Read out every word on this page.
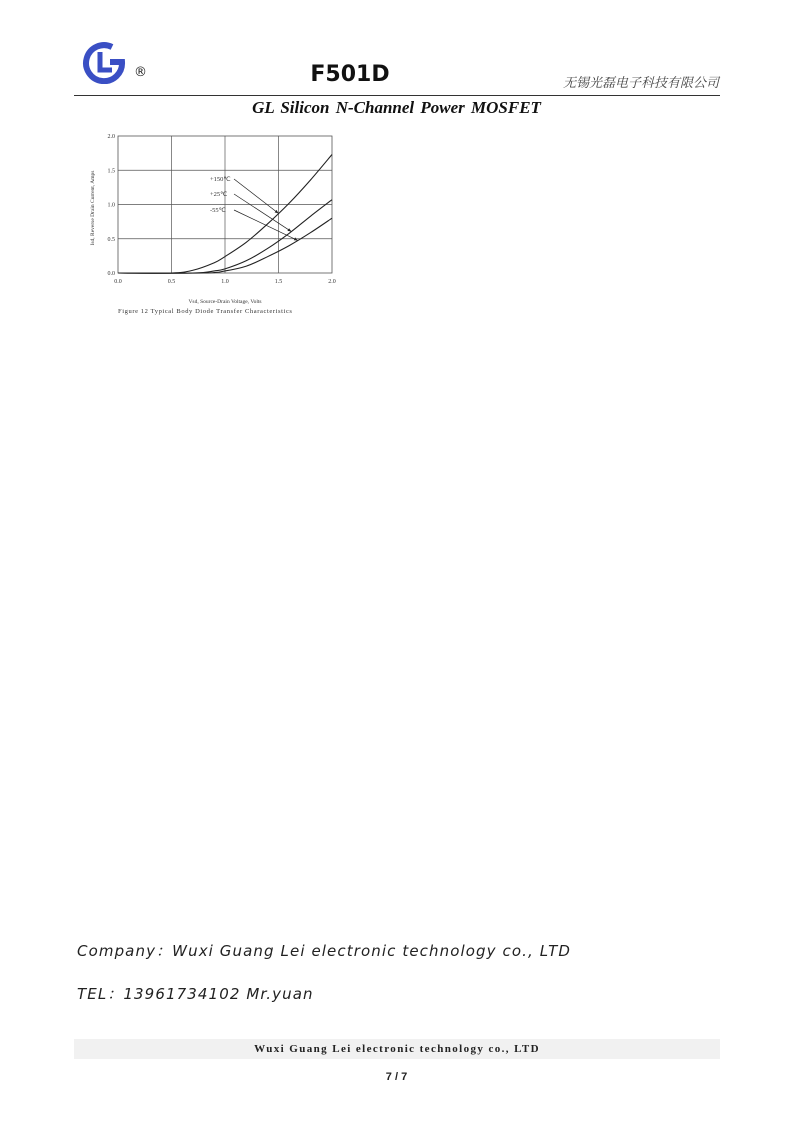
®	F501D	无锡光磊电子科技有限公司
GL Silicon N-Channel Power MOSFET
0.0	0.5	1.0	1.5	2.0
0.0
0.5
1.0
1.5
2.0
+150℃
+25℃
-55℃
Isd, Reverse Drain Current, Amps
Vsd, Source-Drain Voltage, Volts
Figure 12 Typical Body Diode Transfer Characteristics
Company：Wuxi Guang Lei electronic technology co., LTD
TEL：13961734102 Mr.yuan
Wuxi Guang Lei electronic technology co., LTD
7 / 7
